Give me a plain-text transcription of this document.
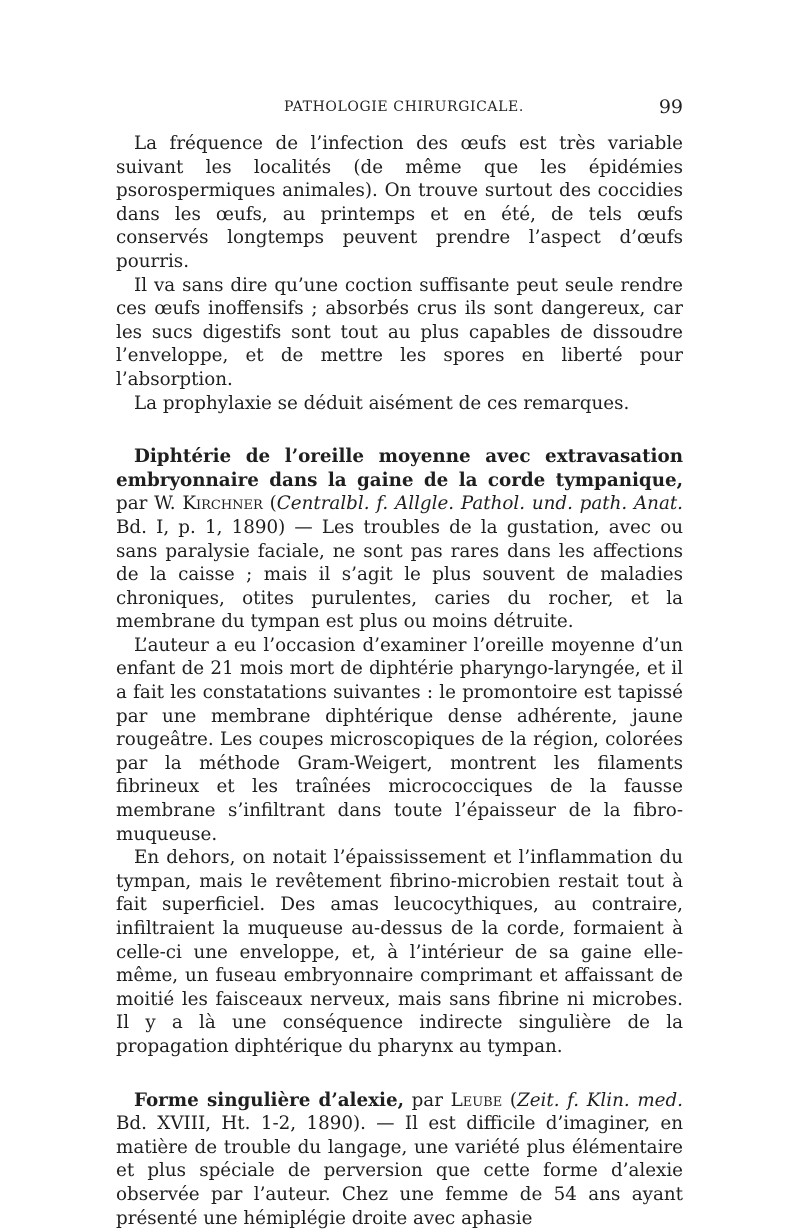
PATHOLOGIE CHIRURGICALE.	99

La fréquence de l’infection des œufs est très variable suivant les localités (de même que les épidémies psorospermiques animales). On trouve surtout des coccidies dans les œufs, au printemps et en été, de tels œufs conservés longtemps peuvent prendre l’aspect d’œufs pourris.

Il va sans dire qu’une coction suffisante peut seule rendre ces œufs inoffensifs ; absorbés crus ils sont dangereux, car les sucs digestifs sont tout au plus capables de dissoudre l’enveloppe, et de mettre les spores en liberté pour l’absorption.

La prophylaxie se déduit aisément de ces remarques.

Diphtérie de l’oreille moyenne avec extravasation embryonnaire dans la gaine de la corde tympanique, par W. Kirchner (Centralbl. f. Allgle. Pathol. und. path. Anat. Bd. I, p. 1, 1890) — Les troubles de la gustation, avec ou sans paralysie faciale, ne sont pas rares dans les affections de la caisse ; mais il s’agit le plus souvent de maladies chroniques, otites purulentes, caries du rocher, et la membrane du tympan est plus ou moins détruite.

L’auteur a eu l’occasion d’examiner l’oreille moyenne d’un enfant de 21 mois mort de diphtérie pharyngo-laryngée, et il a fait les constatations suivantes : le promontoire est tapissé par une membrane diphtérique dense adhérente, jaune rougeâtre. Les coupes microscopiques de la région, colorées par la méthode Gram-Weigert, montrent les filaments fibrineux et les traînées micrococciques de la fausse membrane s’infiltrant dans toute l’épaisseur de la fibro-muqueuse.

En dehors, on notait l’épaississement et l’inflammation du tympan, mais le revêtement fibrino-microbien restait tout à fait superficiel. Des amas leucocythiques, au contraire, infiltraient la muqueuse au-dessus de la corde, formaient à celle-ci une enveloppe, et, à l’intérieur de sa gaine elle-même, un fuseau embryonnaire comprimant et affaissant de moitié les faisceaux nerveux, mais sans fibrine ni microbes. Il y a là une conséquence indirecte singulière de la propagation diphtérique du pharynx au tympan.

Forme singulière d’alexie, par Leube (Zeit. f. Klin. med. Bd. XVIII, Ht. 1-2, 1890). — Il est difficile d’imaginer, en matière de trouble du langage, une variété plus élémentaire et plus spéciale de perversion que cette forme d’alexie observée par l’auteur. Chez une femme de 54 ans ayant présenté une hémiplégie droite avec aphasie
